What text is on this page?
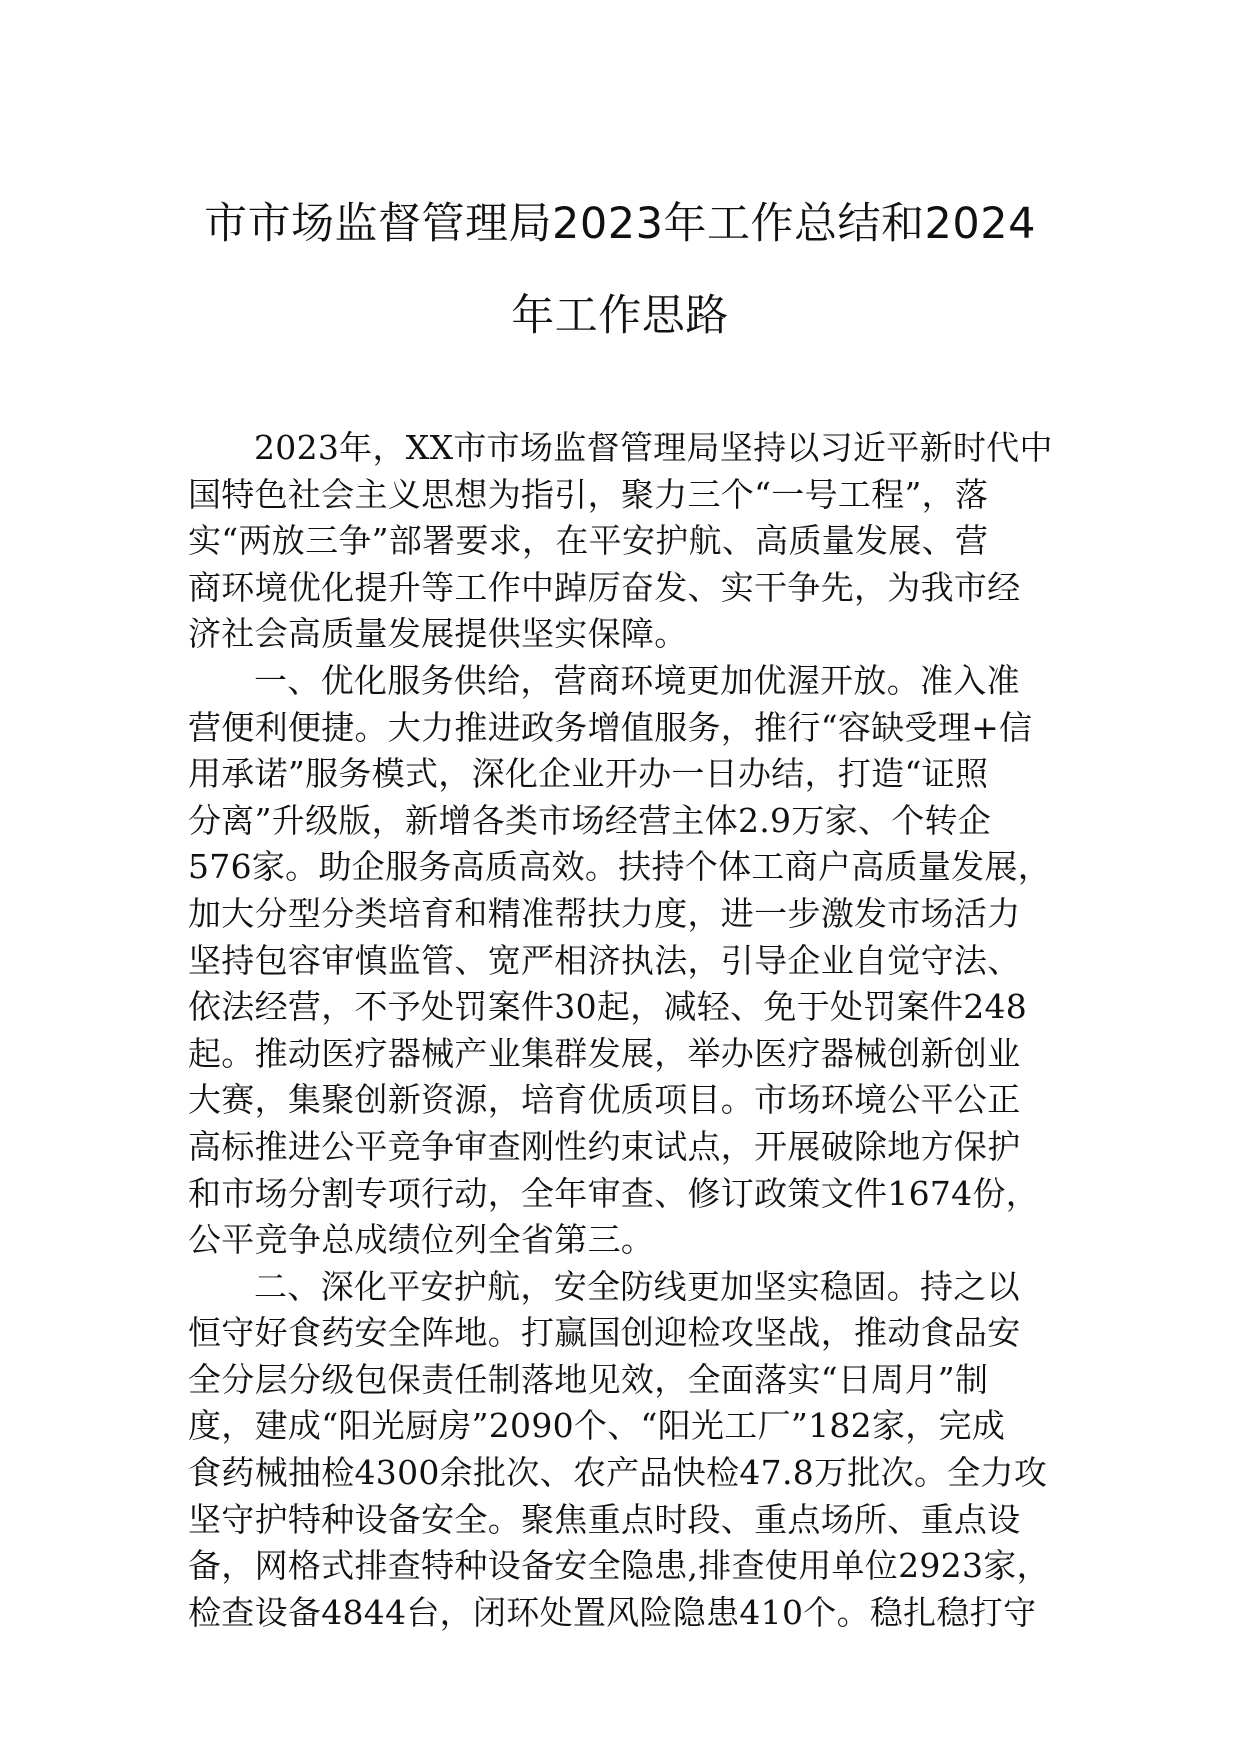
市市场监督管理局2023年工作总结和2024
年工作思路
2023年，XX市市场监督管理局坚持以习近平新时代中
国特色社会主义思想为指引，聚力三个“一号工程”，落
实“两放三争”部署要求，在平安护航、高质量发展、营
商环境优化提升等工作中踔厉奋发、实干争先，为我市经
济社会高质量发展提供坚实保障。
一、优化服务供给，营商环境更加优渥开放。准入准
营便利便捷。大力推进政务增值服务，推行“容缺受理+信
用承诺”服务模式，深化企业开办一日办结，打造“证照
分离”升级版，新增各类市场经营主体2.9万家、个转企
576家。助企服务高质高效。扶持个体工商户高质量发展，
加大分型分类培育和精准帮扶力度，进一步激发市场活力
坚持包容审慎监管、宽严相济执法，引导企业自觉守法、
依法经营，不予处罚案件30起，减轻、免于处罚案件248
起。推动医疗器械产业集群发展，举办医疗器械创新创业
大赛，集聚创新资源，培育优质项目。市场环境公平公正
高标推进公平竞争审查刚性约束试点，开展破除地方保护
和市场分割专项行动，全年审查、修订政策文件1674份，
公平竞争总成绩位列全省第三。
二、深化平安护航，安全防线更加坚实稳固。持之以
恒守好食药安全阵地。打赢国创迎检攻坚战，推动食品安
全分层分级包保责任制落地见效，全面落实“日周月”制
度，建成“阳光厨房”2090个、“阳光工厂”182家，完成
食药械抽检4300余批次、农产品快检47.8万批次。全力攻
坚守护特种设备安全。聚焦重点时段、重点场所、重点设
备，网格式排查特种设备安全隐患,排查使用单位2923家，
检查设备4844台，闭环处置风险隐患410个。稳扎稳打守
